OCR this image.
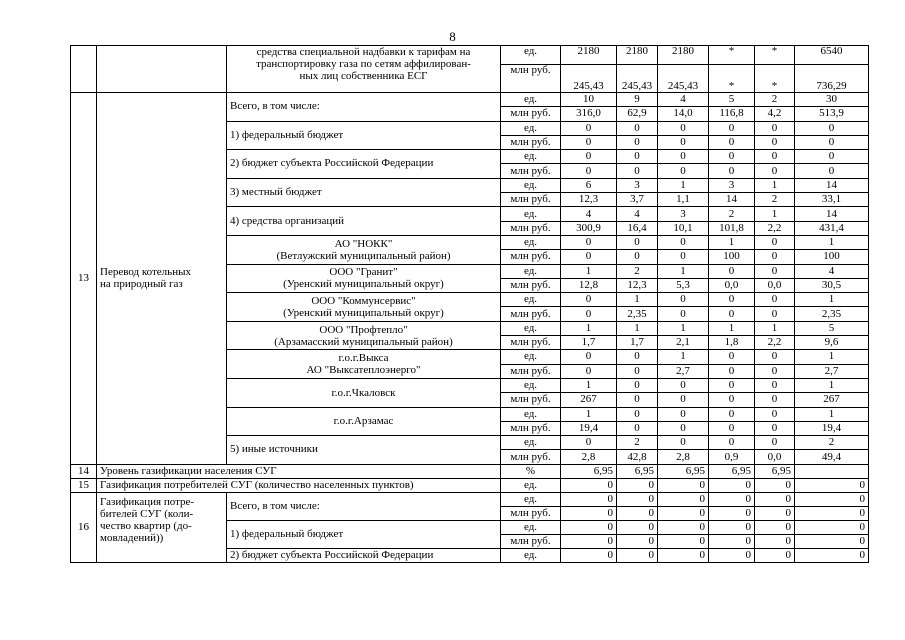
8
		средства специальной надбавки к тарифам на
транспортировку газа по сетям аффилирован-
ных лиц собственника ЕСГ	ед.	2180	2180	2180	*	*	6540
			млн руб.	245,43	245,43	245,43	*	*	736,29
13	Перевод котельных
на природный газ	Всего, в том числе:	ед.	10	9	4	5	2	30
			млн руб.	316,0	62,9	14,0	116,8	4,2	513,9
		1) федеральный бюджет	ед.	0	0	0	0	0	0
			млн руб.	0	0	0	0	0	0
		2) бюджет субъекта Российской Федерации	ед.	0	0	0	0	0	0
			млн руб.	0	0	0	0	0	0
		3) местный бюджет	ед.	6	3	1	3	1	14
			млн руб.	12,3	3,7	1,1	14	2	33,1
		4) средства организаций	ед.	4	4	3	2	1	14
			млн руб.	300,9	16,4	10,1	101,8	2,2	431,4
		АО "НОКК"
(Ветлужский муниципальный район)	ед.	0	0	0	1	0	1
			млн руб.	0	0	0	100	0	100
		ООО "Гранит"
(Уренский муниципальный округ)	ед.	1	2	1	0	0	4
			млн руб.	12,8	12,3	5,3	0,0	0,0	30,5
		ООО "Коммунсервис"
(Уренский муниципальный округ)	ед.	0	1	0	0	0	1
			млн руб.	0	2,35	0	0	0	2,35
		ООО "Профтепло"
(Арзамасский муниципальный район)	ед.	1	1	1	1	1	5
			млн руб.	1,7	1,7	2,1	1,8	2,2	9,6
		г.о.г.Выкса
АО "Выксатеплоэнерго"	ед.	0	0	1	0	0	1
			млн руб.	0	0	2,7	0	0	2,7
		г.о.г.Чкаловск	ед.	1	0	0	0	0	1
			млн руб.	267	0	0	0	0	267
		г.о.г.Арзамас	ед.	1	0	0	0	0	1
			млн руб.	19,4	0	0	0	0	19,4
		5) иные источники	ед.	0	2	0	0	0	2
			млн руб.	2,8	42,8	2,8	0,9	0,0	49,4
14	Уровень газификации населения СУГ		%	6,95	6,95	6,95	6,95	6,95	
15	Газификация потребителей СУГ (количество населенных пунктов)		ед.	0	0	0	0	0	0
16	Газификация потре-
бителей СУГ (коли-
чество квартир (до-
мовладений))	Всего, в том числе:	ед.	0	0	0	0	0	0
			млн руб.	0	0	0	0	0	0
		1) федеральный бюджет	ед.	0	0	0	0	0	0
			млн руб.	0	0	0	0	0	0
		2) бюджет субъекта Российской Федерации	ед.	0	0	0	0	0	0
